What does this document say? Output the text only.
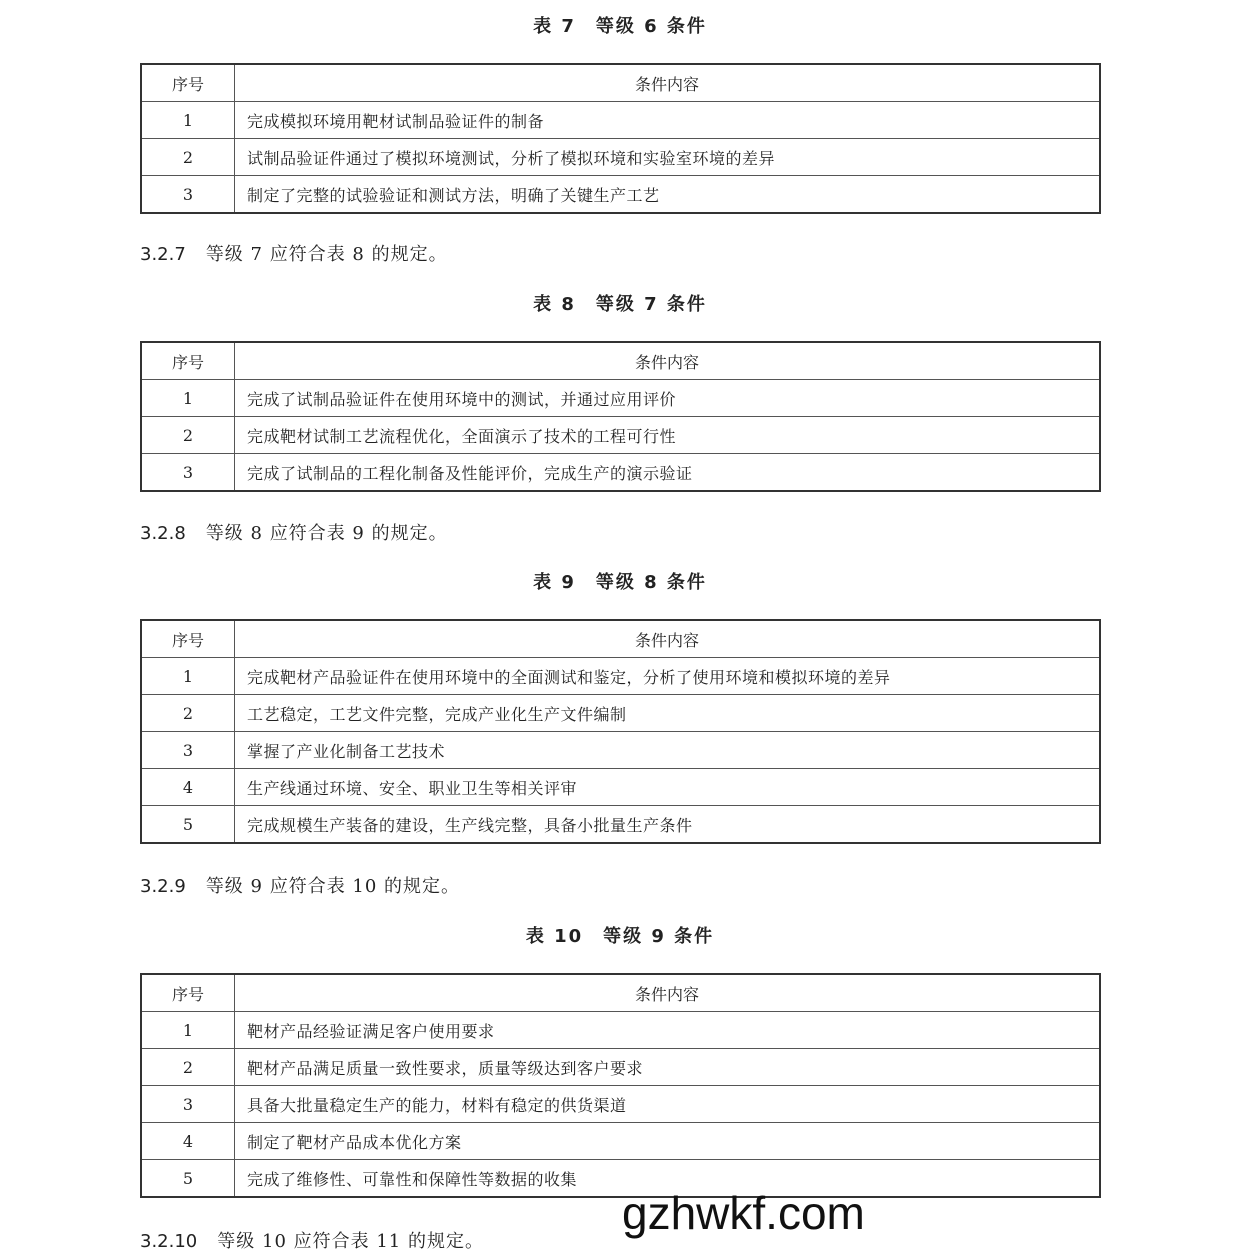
表 7　等级 6 条件
序号	条件内容
1	完成模拟环境用靶材试制品验证件的制备
2	试制品验证件通过了模拟环境测试，分析了模拟环境和实验室环境的差异
3	制定了完整的试验验证和测试方法，明确了关键生产工艺
3.2.7 等级 7 应符合表 8 的规定。
表 8　等级 7 条件
序号	条件内容
1	完成了试制品验证件在使用环境中的测试，并通过应用评价
2	完成靶材试制工艺流程优化，全面演示了技术的工程可行性
3	完成了试制品的工程化制备及性能评价，完成生产的演示验证
3.2.8 等级 8 应符合表 9 的规定。
表 9　等级 8 条件
序号	条件内容
1	完成靶材产品验证件在使用环境中的全面测试和鉴定，分析了使用环境和模拟环境的差异
2	工艺稳定，工艺文件完整，完成产业化生产文件编制
3	掌握了产业化制备工艺技术
4	生产线通过环境、安全、职业卫生等相关评审
5	完成规模生产装备的建设，生产线完整，具备小批量生产条件
3.2.9 等级 9 应符合表 10 的规定。
表 10　等级 9 条件
序号	条件内容
1	靶材产品经验证满足客户使用要求
2	靶材产品满足质量一致性要求，质量等级达到客户要求
3	具备大批量稳定生产的能力，材料有稳定的供货渠道
4	制定了靶材产品成本优化方案
5	完成了维修性、可靠性和保障性等数据的收集
3.2.10 等级 10 应符合表 11 的规定。
gzhwkf.com
